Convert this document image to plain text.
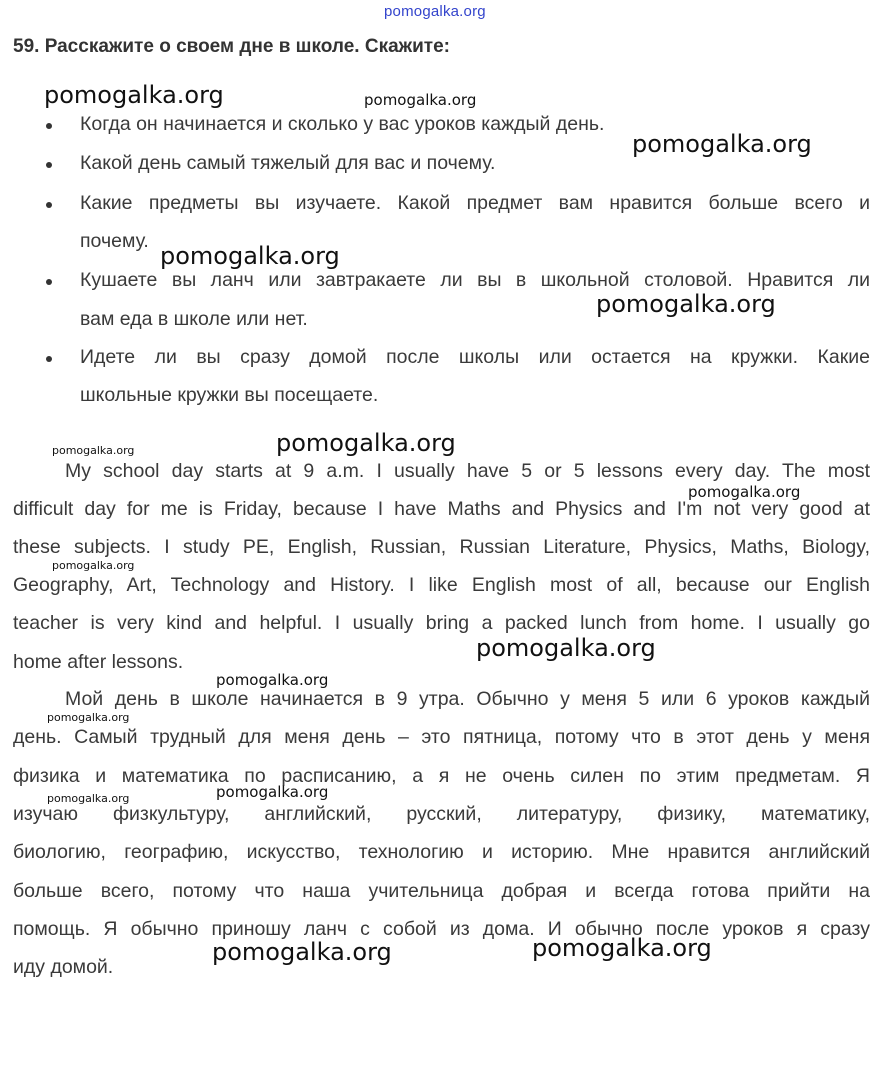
pomogalka.org
59. Расскажите о своем дне в школе. Скажите:
Когда он начинается и сколько у вас уроков каждый день.
Какой день самый тяжелый для вас и почему.
Какие предметы вы изучаете. Какой предмет вам нравится больше всего и
почему.
Кушаете вы ланч или завтракаете ли вы в школьной столовой. Нравится ли
вам еда в школе или нет.
Идете ли вы сразу домой после школы или остается на кружки. Какие
школьные кружки вы посещаете.
My school day starts at 9 a.m. I usually have 5 or 5 lessons every day. The most
difficult day for me is Friday, because I have Maths and Physics and I'm not very good at
these subjects. I study PE, English, Russian, Russian Literature, Physics, Maths, Biology,
Geography, Art, Technology and History. I like English most of all, because our English
teacher is very kind and helpful. I usually bring a packed lunch from home. I usually go
home after lessons.
Мой день в школе начинается в 9 утра. Обычно у меня 5 или 6 уроков каждый
день. Самый трудный для меня день – это пятница, потому что в этот день у меня
физика и математика по расписанию, а я не очень силен по этим предметам. Я
изучаю физкультуру, английский, русский, литературу, физику, математику,
биологию, географию, искусство, технологию и историю. Мне нравится английский
больше всего, потому что наша учительница добрая и всегда готова прийти на
помощь. Я обычно приношу ланч с собой из дома. И обычно после уроков я сразу
иду домой.
pomogalka.org	pomogalka.org
pomogalka.org
pomogalka.org
pomogalka.org
pomogalka.org	pomogalka.org
pomogalka.org
pomogalka.org
pomogalka.org
pomogalka.org
pomogalka.org
pomogalka.org	pomogalka.org
pomogalka.org	pomogalka.org
